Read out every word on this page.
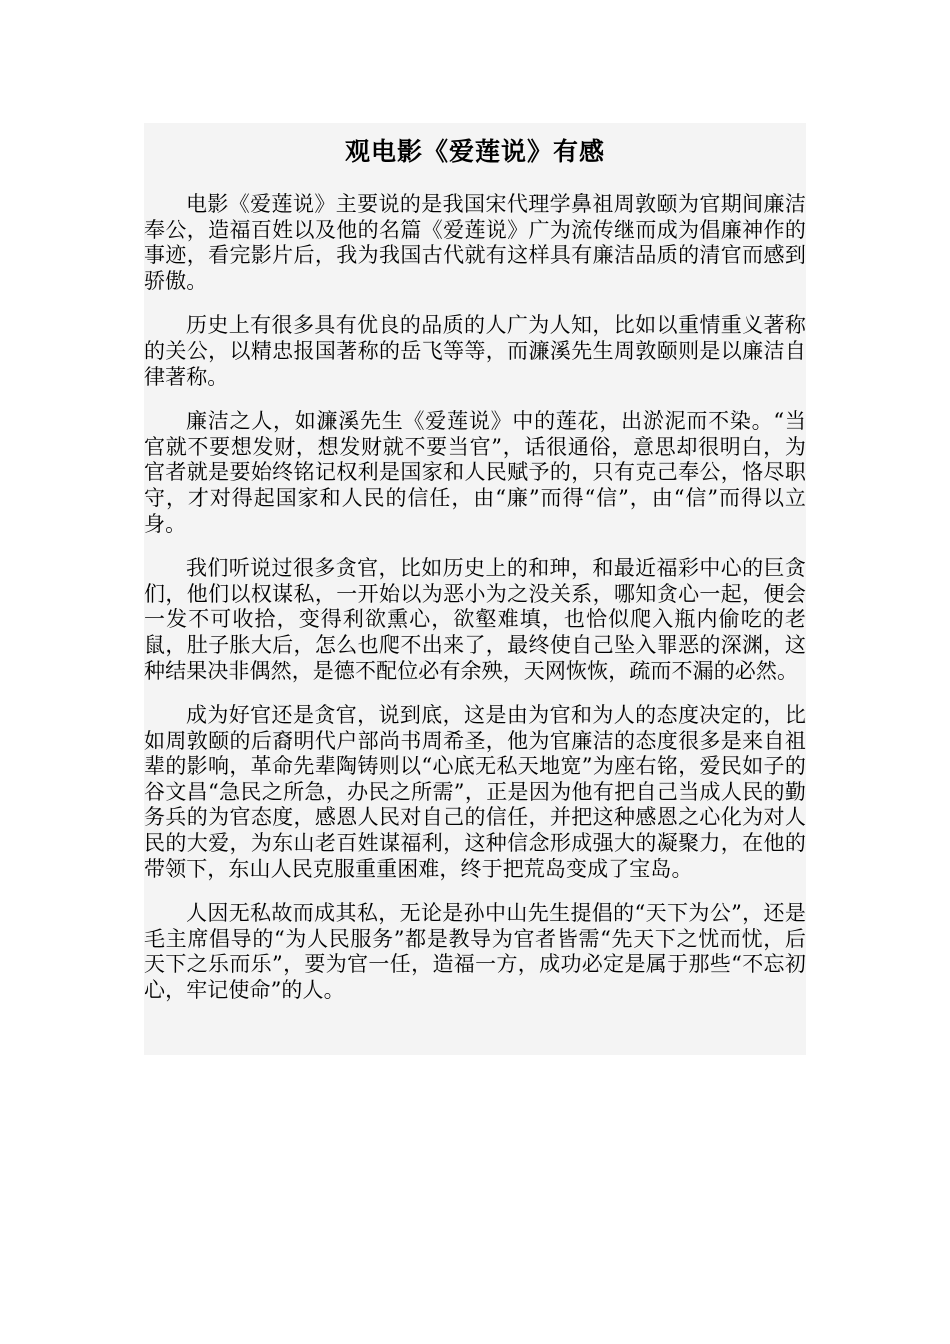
观电影《爱莲说》有感

电影《爱莲说》主要说的是我国宋代理学鼻祖周敦颐为官期间廉洁奉公，造福百姓以及他的名篇《爱莲说》广为流传继而成为倡廉神作的事迹，看完影片后，我为我国古代就有这样具有廉洁品质的清官而感到骄傲。

历史上有很多具有优良的品质的人广为人知，比如以重情重义著称的关公，以精忠报国著称的岳飞等等，而濂溪先生周敦颐则是以廉洁自律著称。

廉洁之人，如濂溪先生《爱莲说》中的莲花，出淤泥而不染。“当官就不要想发财，想发财就不要当官”，话很通俗，意思却很明白，为官者就是要始终铭记权利是国家和人民赋予的，只有克己奉公，恪尽职守，才对得起国家和人民的信任，由“廉”而得“信”，由“信”而得以立身。

我们听说过很多贪官，比如历史上的和珅，和最近福彩中心的巨贪们，他们以权谋私，一开始以为恶小为之没关系，哪知贪心一起，便会一发不可收拾，变得利欲熏心，欲壑难填，也恰似爬入瓶内偷吃的老鼠，肚子胀大后，怎么也爬不出来了，最终使自己坠入罪恶的深渊，这种结果决非偶然，是德不配位必有余殃，天网恢恢，疏而不漏的必然。

成为好官还是贪官，说到底，这是由为官和为人的态度决定的，比如周敦颐的后裔明代户部尚书周希圣，他为官廉洁的态度很多是来自祖辈的影响，革命先辈陶铸则以“心底无私天地宽”为座右铭，爱民如子的谷文昌“急民之所急，办民之所需”，正是因为他有把自己当成人民的勤务兵的为官态度，感恩人民对自己的信任，并把这种感恩之心化为对人民的大爱，为东山老百姓谋福利，这种信念形成强大的凝聚力，在他的带领下，东山人民克服重重困难，终于把荒岛变成了宝岛。

人因无私故而成其私，无论是孙中山先生提倡的“天下为公”，还是毛主席倡导的“为人民服务”都是教导为官者皆需“先天下之忧而忧，后天下之乐而乐”，要为官一任，造福一方，成功必定是属于那些“不忘初心，牢记使命”的人。
